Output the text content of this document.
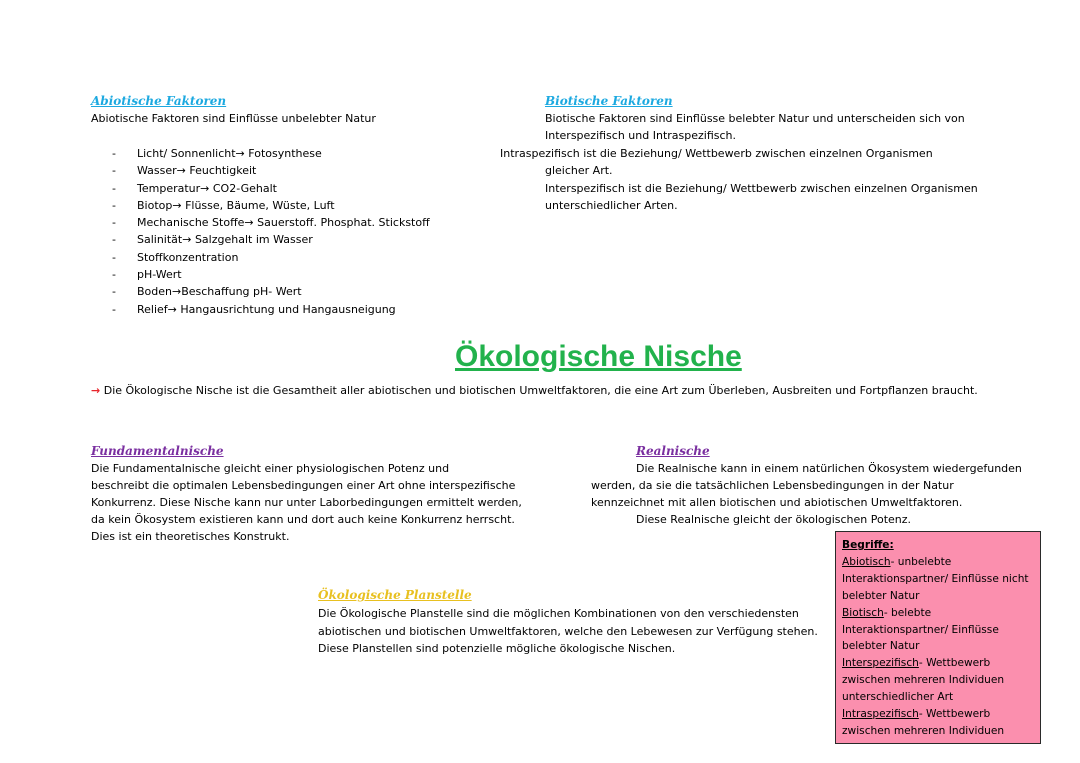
Abiotische Faktoren
Abiotische Faktoren sind Einflüsse unbelebter Natur
- Licht/ Sonnenlicht→ Fotosynthese
- Wasser→ Feuchtigkeit
- Temperatur→ CO2-Gehalt
- Biotop→ Flüsse, Bäume, Wüste, Luft
- Mechanische Stoffe→ Sauerstoff. Phosphat. Stickstoff
- Salinität→ Salzgehalt im Wasser
- Stoffkonzentration
- pH-Wert
- Boden→Beschaffung pH- Wert
- Relief→ Hangausrichtung und Hangausneigung
Biotische Faktoren
Biotische Faktoren sind Einflüsse belebter Natur und unterscheiden sich von
Interspezifisch und Intraspezifisch.
Intraspezifisch ist die Beziehung/ Wettbewerb zwischen einzelnen Organismen
gleicher Art.
Interspezifisch ist die Beziehung/ Wettbewerb zwischen einzelnen Organismen
unterschiedlicher Arten.
Ökologische Nische
→ Die Ökologische Nische ist die Gesamtheit aller abiotischen und biotischen Umweltfaktoren, die eine Art zum Überleben, Ausbreiten und Fortpflanzen braucht.
Fundamentalnische
Die Fundamentalnische gleicht einer physiologischen Potenz und
beschreibt die optimalen Lebensbedingungen einer Art ohne interspezifische
Konkurrenz. Diese Nische kann nur unter Laborbedingungen ermittelt werden,
da kein Ökosystem existieren kann und dort auch keine Konkurrenz herrscht.
Dies ist ein theoretisches Konstrukt.
Realnische
Die Realnische kann in einem natürlichen Ökosystem wiedergefunden
werden, da sie die tatsächlichen Lebensbedingungen in der Natur
kennzeichnet mit allen biotischen und abiotischen Umweltfaktoren.
Diese Realnische gleicht der ökologischen Potenz.
Ökologische Planstelle
Die Ökologische Planstelle sind die möglichen Kombinationen von den verschiedensten
abiotischen und biotischen Umweltfaktoren, welche den Lebewesen zur Verfügung stehen.
Diese Planstellen sind potenzielle mögliche ökologische Nischen.
Begriffe:
Abiotisch- unbelebte Interaktionspartner/ Einflüsse nicht belebter Natur
Biotisch- belebte Interaktionspartner/ Einflüsse belebter Natur
Interspezifisch- Wettbewerb zwischen mehreren Individuen unterschiedlicher Art
Intraspezifisch- Wettbewerb zwischen mehreren Individuen
